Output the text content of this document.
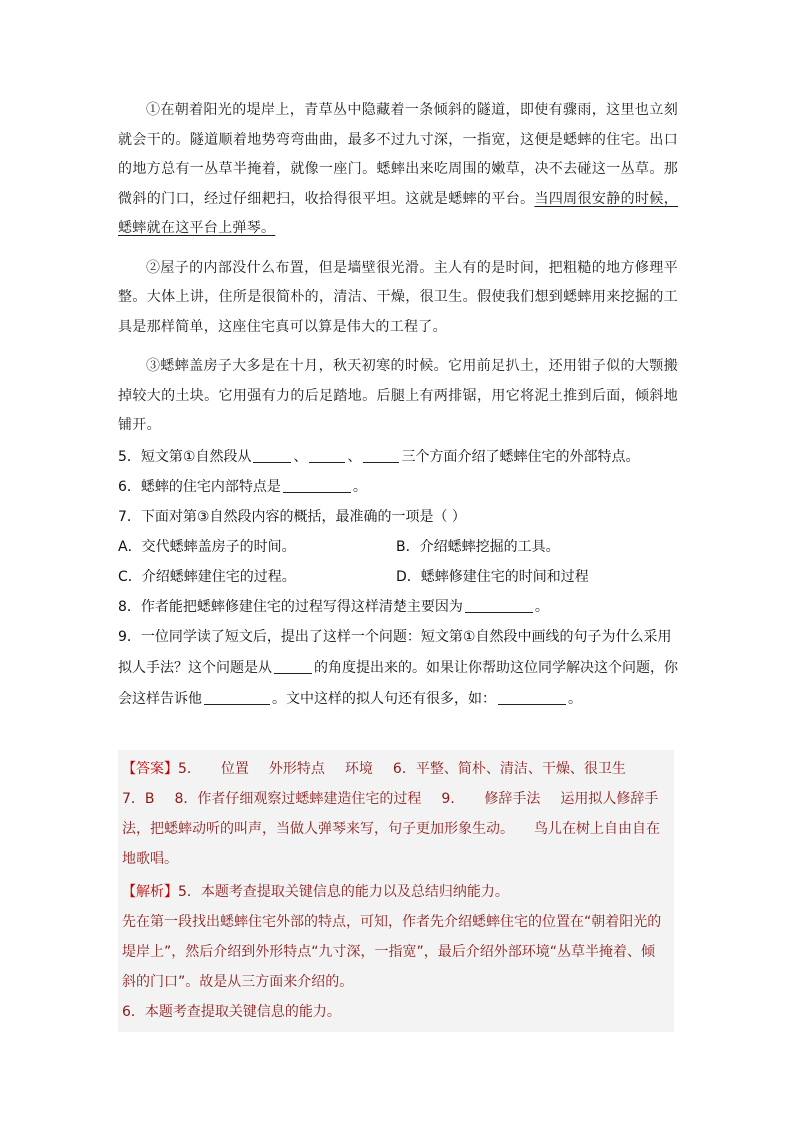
①在朝着阳光的堤岸上，青草丛中隐藏着一条倾斜的隧道，即使有骤雨，这里也立刻就会干的。隧道顺着地势弯弯曲曲，最多不过九寸深，一指宽，这便是蟋蟀的住宅。出口的地方总有一丛草半掩着，就像一座门。蟋蟀出来吃周围的嫩草，决不去碰这一丛草。那微斜的门口，经过仔细耙扫，收拾得很平坦。这就是蟋蟀的平台。当四周很安静的时候，蟋蟀就在这平台上弹琴。

②屋子的内部没什么布置，但是墙壁很光滑。主人有的是时间，把粗糙的地方修理平整。大体上讲，住所是很简朴的，清洁、干燥，很卫生。假使我们想到蟋蟀用来挖掘的工具是那样简单，这座住宅真可以算是伟大的工程了。

③蟋蟀盖房子大多是在十月，秋天初寒的时候。它用前足扒土，还用钳子似的大颚搬掉较大的土块。它用强有力的后足踏地。后腿上有两排锯，用它将泥土推到后面，倾斜地铺开。

5．短文第①自然段从	、	、	三个方面介绍了蟋蟀住宅的外部特点。
6．蟋蟀的住宅内部特点是	。
7．下面对第③自然段内容的概括，最准确的一项是（ ）
A．交代蟋蟀盖房子的时间。	B．介绍蟋蟀挖掘的工具。
C．介绍蟋蟀建住宅的过程。	D．蟋蟀修建住宅的时间和过程
8．作者能把蟋蟀修建住宅的过程写得这样清楚主要因为	。
9．一位同学读了短文后，提出了这样一个问题：短文第①自然段中画线的句子为什么采用拟人手法？这个问题是从	的角度提出来的。如果让你帮助这位同学解决这个问题，你会这样告诉他	。文中这样的拟人句还有很多，如：	。
【答案】5． 位置 外形特点 环境 6．平整、简朴、清洁、干燥、很卫生7．B 8．作者仔细观察过蟋蟀建造住宅的过程 9． 修辞手法 运用拟人修辞手法，把蟋蟀动听的叫声，当做人弹琴来写，句子更加形象生动。 鸟儿在树上自由自在地歌唱。
【解析】5．本题考查提取关键信息的能力以及总结归纳能力。
先在第一段找出蟋蟀住宅外部的特点，可知，作者先介绍蟋蟀住宅的位置在“朝着阳光的堤岸上”，然后介绍到外形特点“九寸深，一指宽”，最后介绍外部环境“丛草半掩着、倾斜的门口”。故是从三方面来介绍的。
6．本题考查提取关键信息的能力。
